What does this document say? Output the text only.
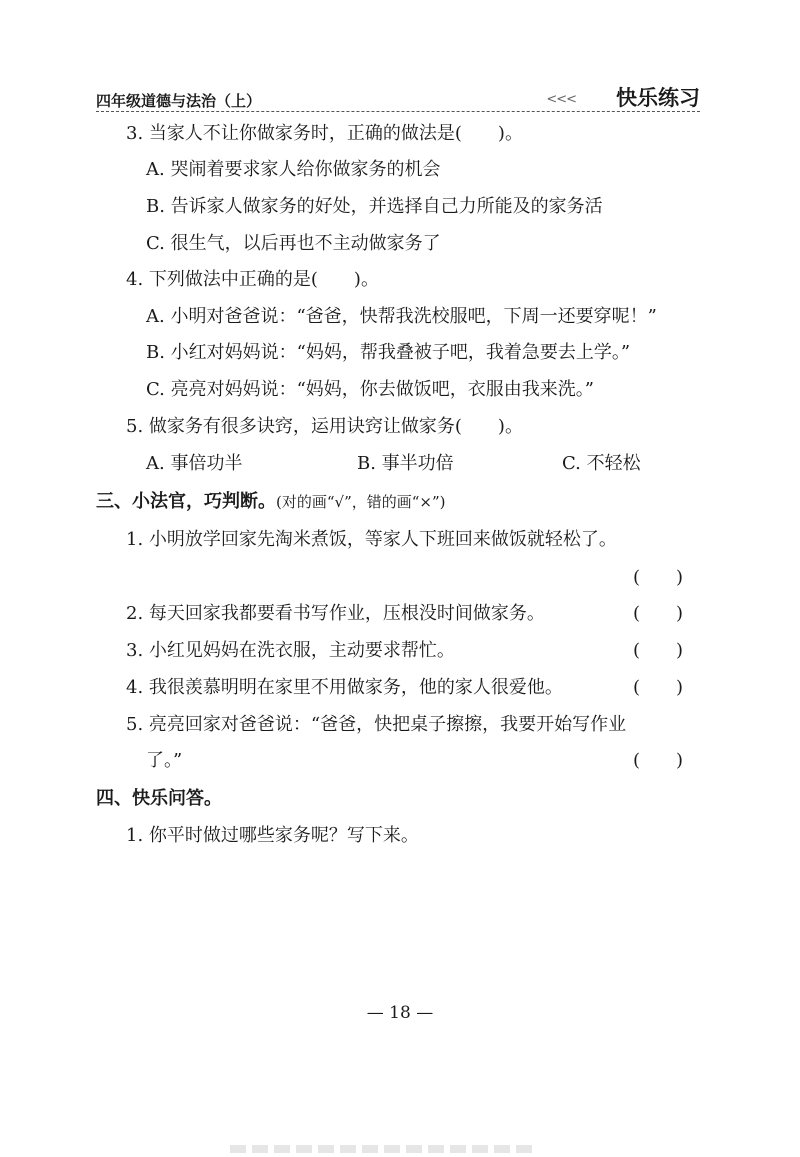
四年级道德与法治（上）	<<< 快乐练习
3. 当家人不让你做家务时，正确的做法是(　　)。
A. 哭闹着要求家人给你做家务的机会
B. 告诉家人做家务的好处，并选择自己力所能及的家务活
C. 很生气，以后再也不主动做家务了
4. 下列做法中正确的是(　　)。
A. 小明对爸爸说：“爸爸，快帮我洗校服吧，下周一还要穿呢！”
B. 小红对妈妈说：“妈妈，帮我叠被子吧，我着急要去上学。”
C. 亮亮对妈妈说：“妈妈，你去做饭吧，衣服由我来洗。”
5. 做家务有很多诀窍，运用诀窍让做家务(　　)。
A. 事倍功半	B. 事半功倍	C. 不轻松
三、小法官，巧判断。(对的画“√”，错的画“×”)
1. 小明放学回家先淘米煮饭，等家人下班回来做饭就轻松了。
(　　)
2. 每天回家我都要看书写作业，压根没时间做家务。	(　　)
3. 小红见妈妈在洗衣服，主动要求帮忙。	(　　)
4. 我很羡慕明明在家里不用做家务，他的家人很爱他。	(　　)
5. 亮亮回家对爸爸说：“爸爸，快把桌子擦擦，我要开始写作业
了。”	(　　)
四、快乐问答。
1. 你平时做过哪些家务呢？写下来。
— 18 —
